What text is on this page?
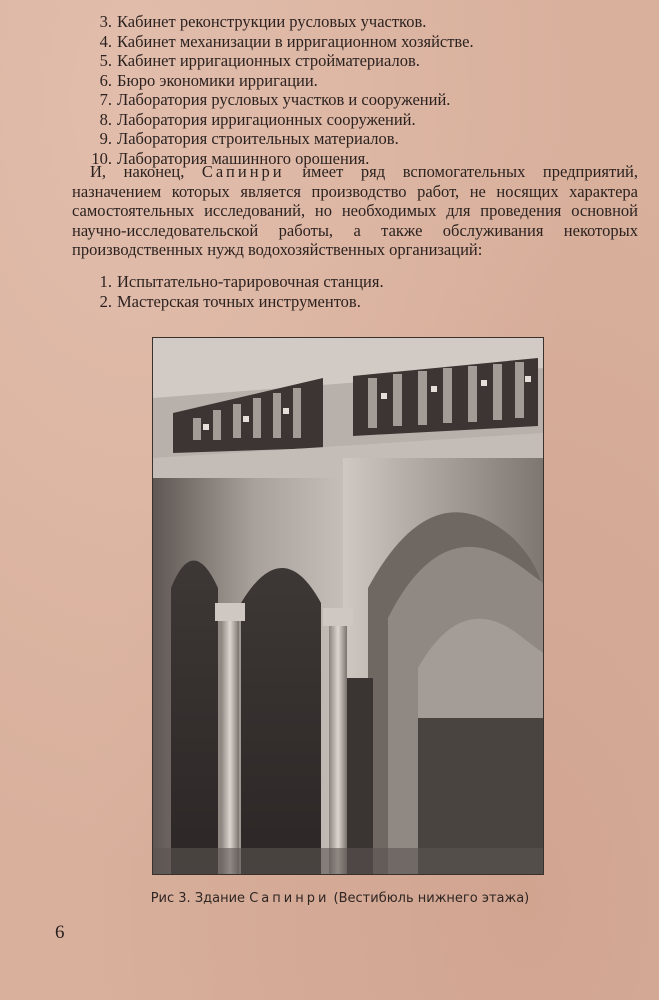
3. Кабинет реконструкции русловых участков.
4. Кабинет механизации в ирригационном хозяйстве.
5. Кабинет ирригационных стройматериалов.
6. Бюро экономики ирригации.
7. Лаборатория русловых участков и сооружений.
8. Лаборатория ирригационных сооружений.
9. Лаборатория строительных материалов.
10. Лаборатория машинного орошения.

И, наконец, Сапинри имеет ряд вспомогательных предприятий, назначением которых является производство работ, не носящих характера самостоятельных исследований, но необходимых для проведения основной научно-исследовательской работы, а также обслуживания некоторых производственных нужд водохозяйственных организаций:

1. Испытательно-тарировочная станция.
2. Мастерская точных инструментов.
Рис 3. Здание Сапинри (Вестибюль нижнего этажа)
6
